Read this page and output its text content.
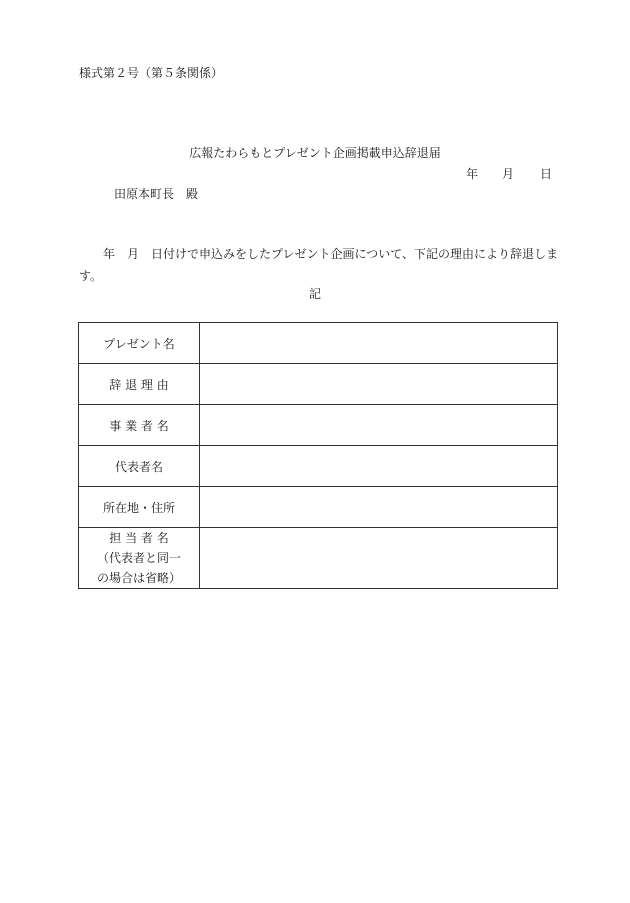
様式第２号（第５条関係）
広報たわらもとプレゼント企画掲載申込辞退届
年 月 日
田原本町長　殿
年　月　日付けで申込みをしたプレゼント企画について、下記の理由により辞退します。
記
プレゼント名	
辞 退 理 由	
事 業 者 名	
代表者名	
所在地・住所	

担 当 者 名
（代表者と同一
の場合は省略）	
